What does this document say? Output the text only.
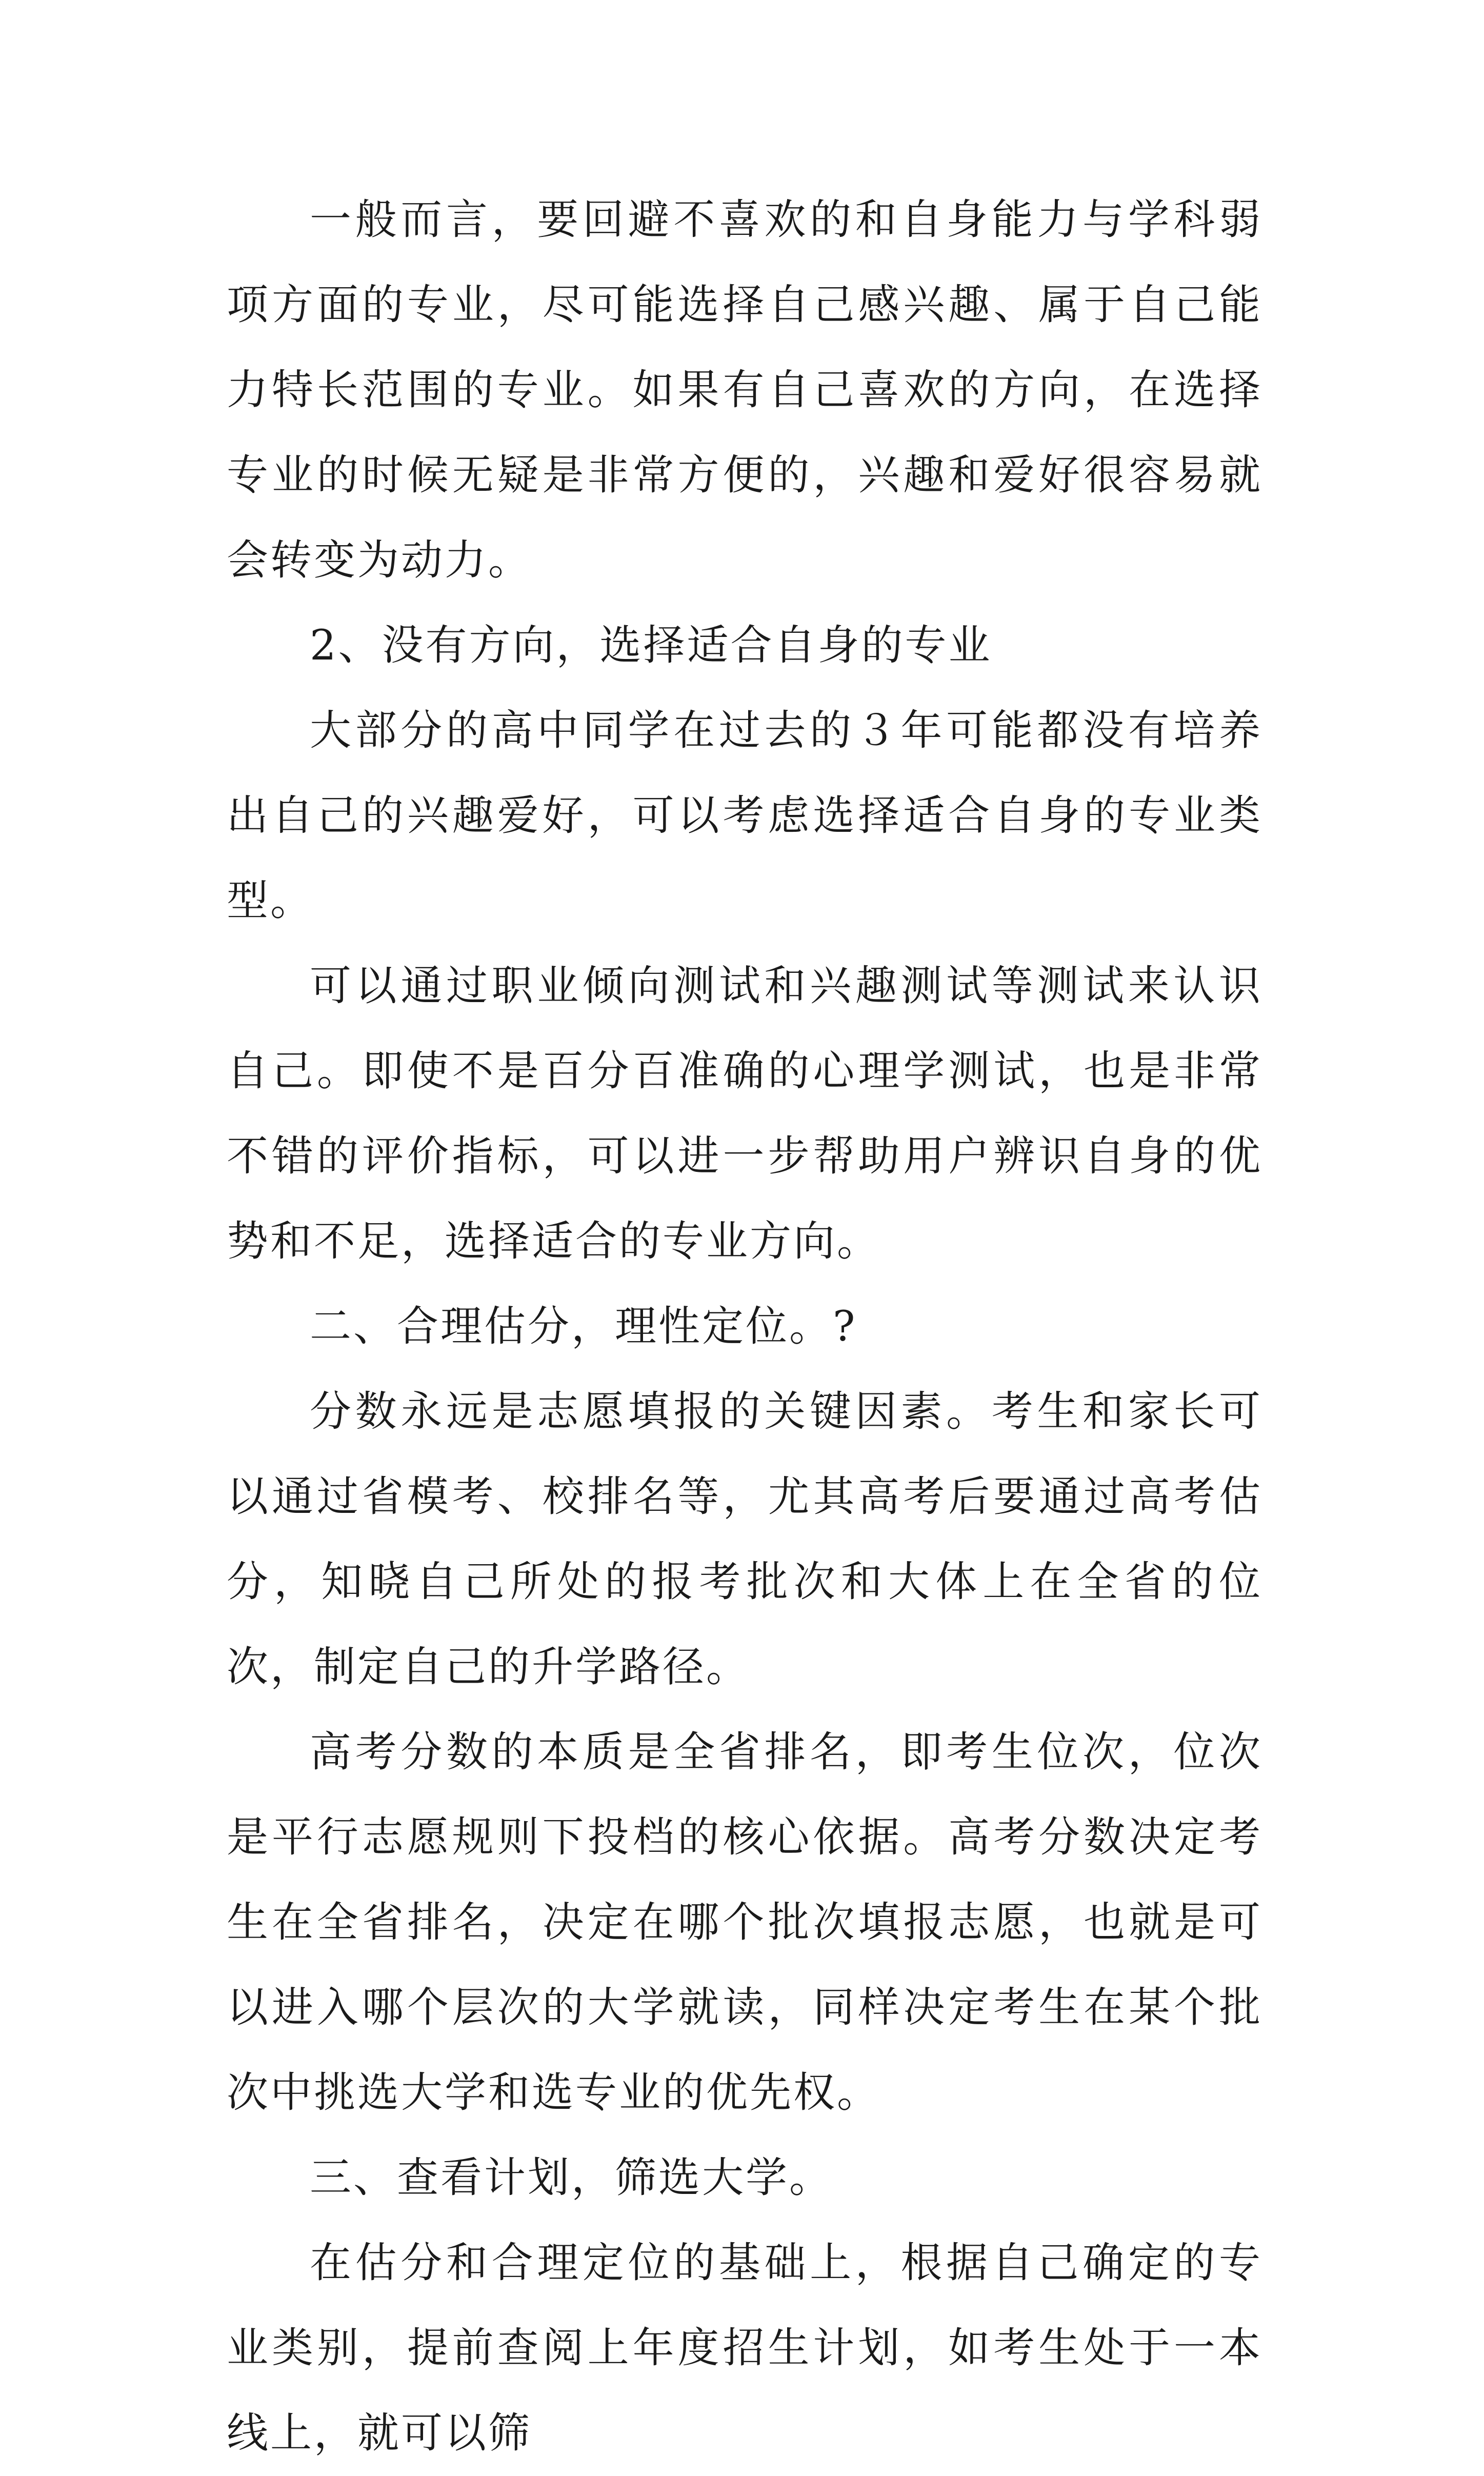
一般而言，要回避不喜欢的和自身能力与学科弱项方面的专业，尽可能选择自己感兴趣、属于自己能力特长范围的专业。如果有自己喜欢的方向，在选择专业的时候无疑是非常方便的，兴趣和爱好很容易就会转变为动力。

2、没有方向，选择适合自身的专业

大部分的高中同学在过去的３年可能都没有培养出自己的兴趣爱好，可以考虑选择适合自身的专业类型。

可以通过职业倾向测试和兴趣测试等测试来认识自己。即使不是百分百准确的心理学测试，也是非常不错的评价指标，可以进一步帮助用户辨识自身的优势和不足，选择适合的专业方向。

二、合理估分，理性定位。?

分数永远是志愿填报的关键因素。考生和家长可以通过省模考、校排名等，尤其高考后要通过高考估分，知晓自己所处的报考批次和大体上在全省的位次，制定自己的升学路径。

高考分数的本质是全省排名，即考生位次，位次是平行志愿规则下投档的核心依据。高考分数决定考生在全省排名，决定在哪个批次填报志愿，也就是可以进入哪个层次的大学就读，同样决定考生在某个批次中挑选大学和选专业的优先权。

三、查看计划，筛选大学。

在估分和合理定位的基础上，根据自己确定的专业类别，提前查阅上年度招生计划，如考生处于一本线上，就可以筛
